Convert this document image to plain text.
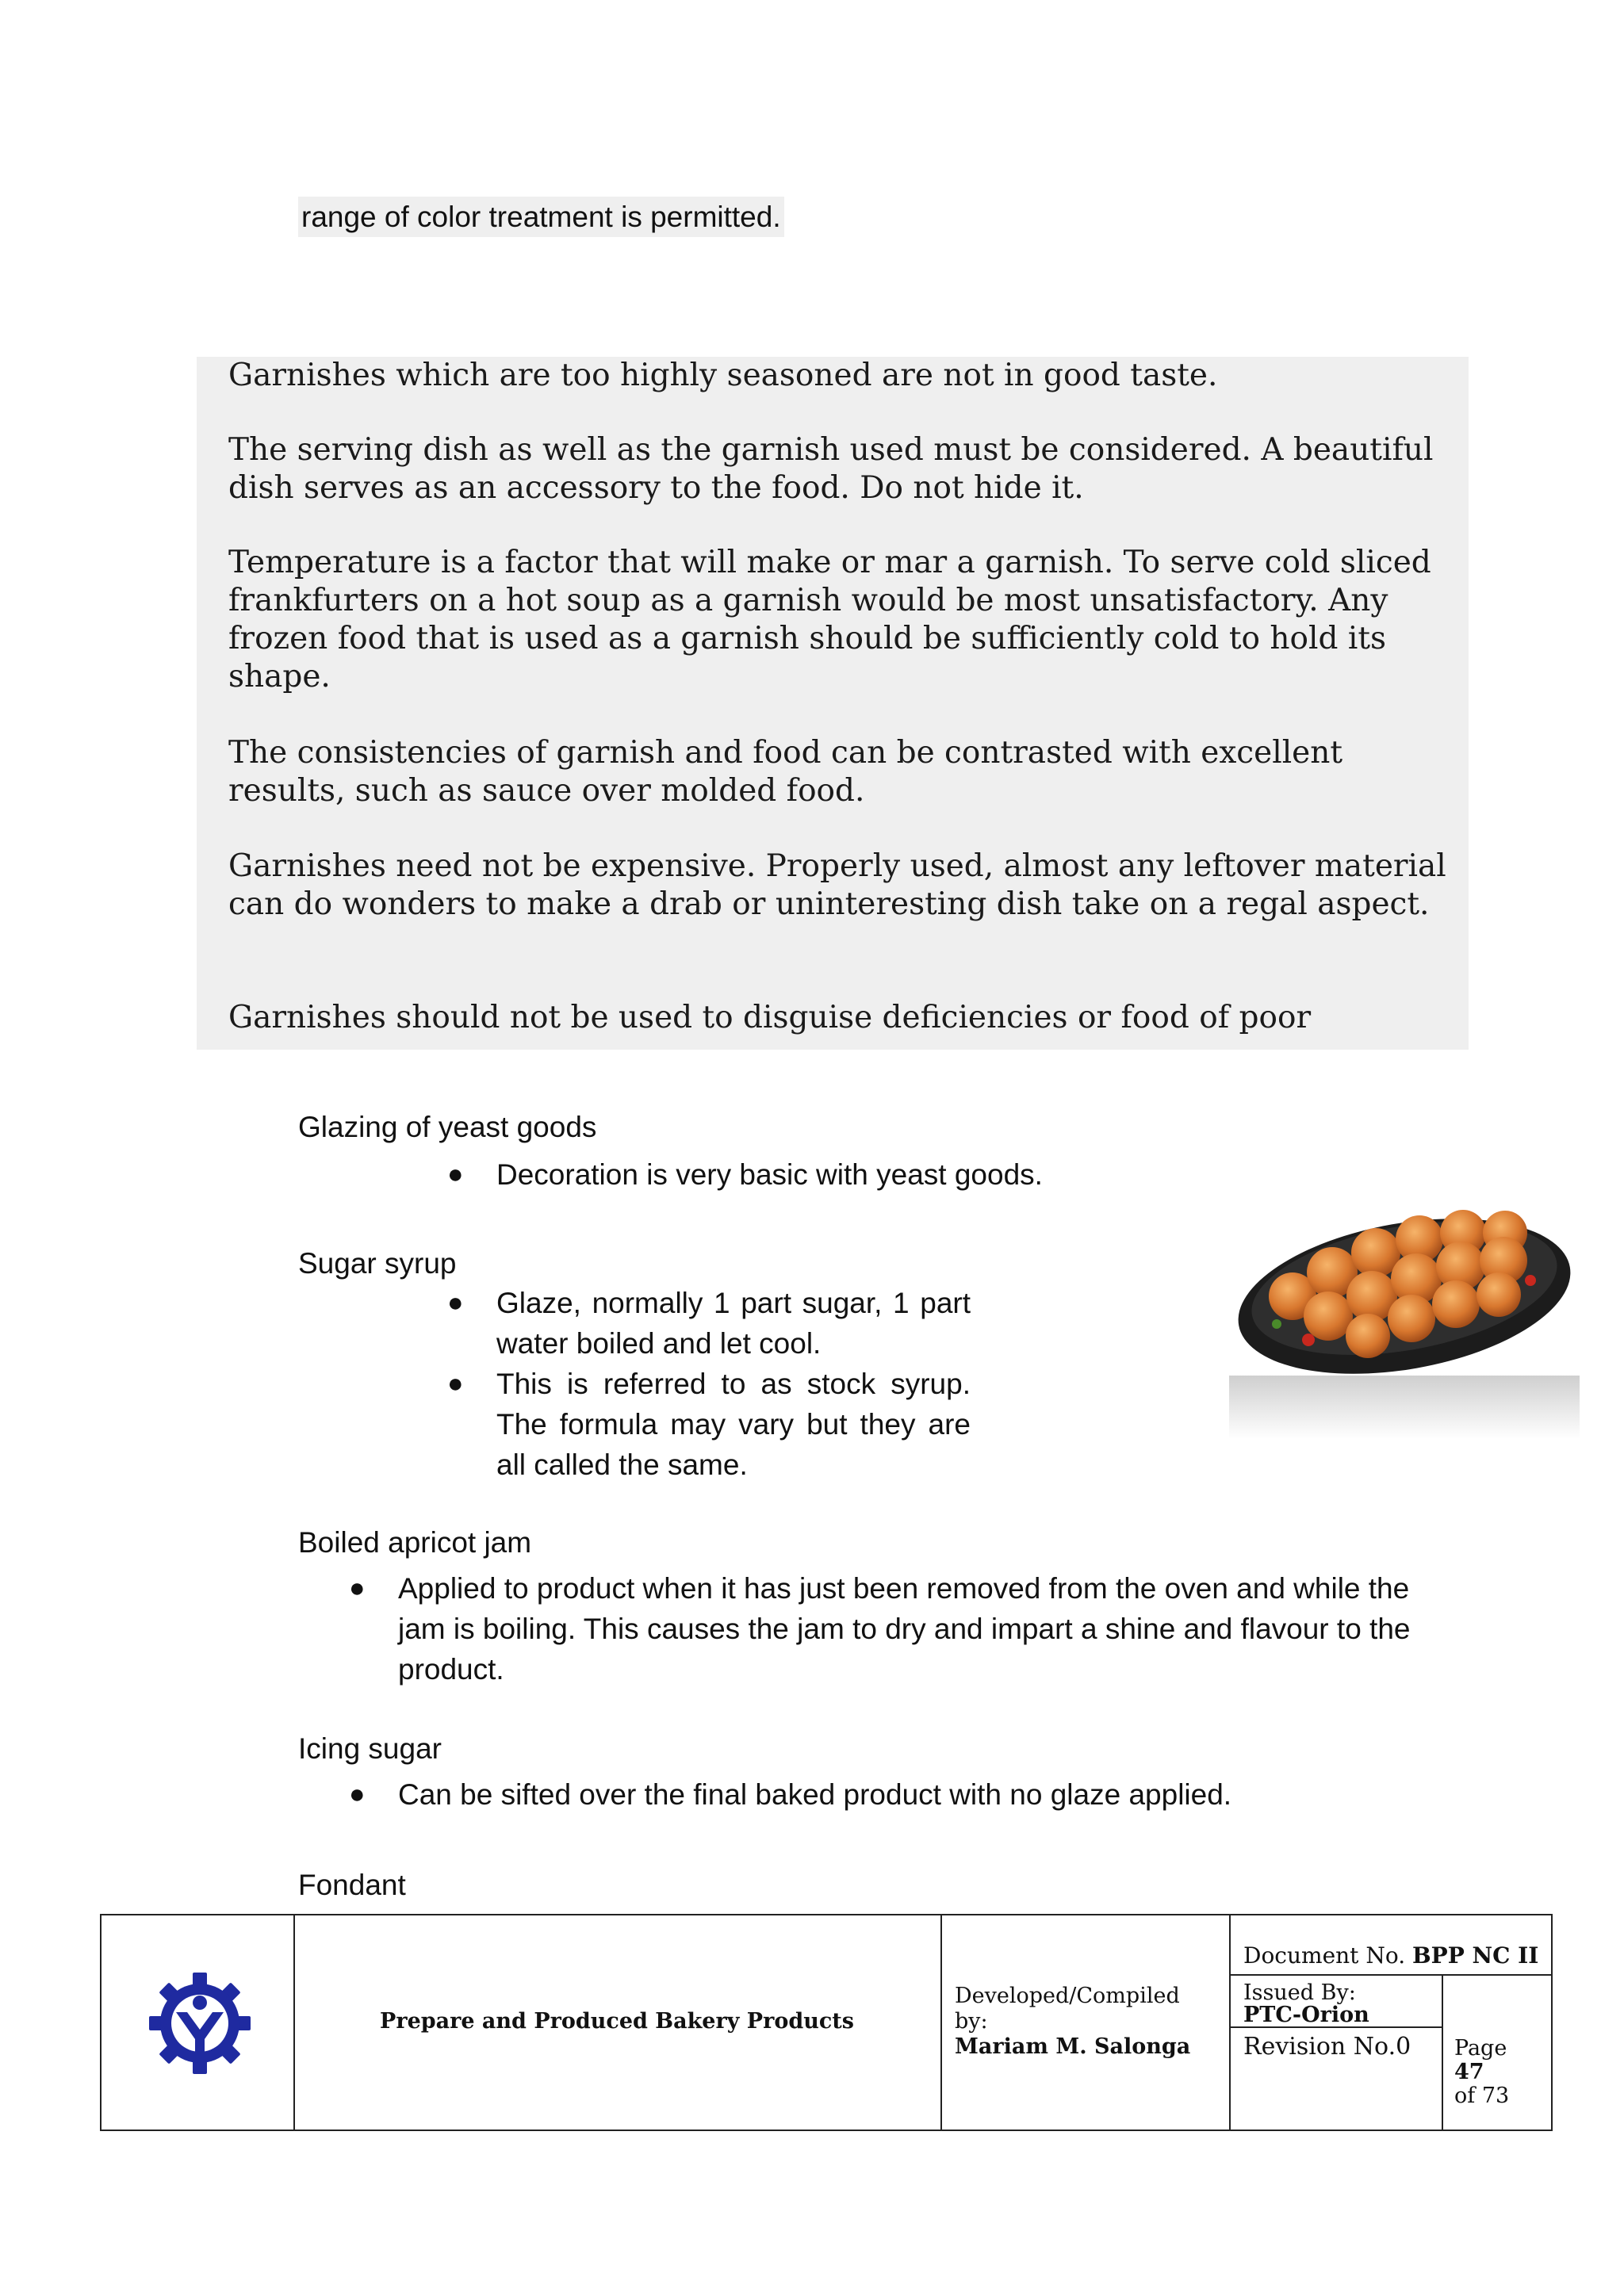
range of color treatment is permitted.

Garnishes which are too highly seasoned are not in good taste.

The serving dish as well as the garnish used must be considered. A beautiful dish serves as an accessory to the food. Do not hide it.

Temperature is a factor that will make or mar a garnish. To serve cold sliced frankfurters on a hot soup as a garnish would be most unsatisfactory. Any frozen food that is used as a garnish should be sufficiently cold to hold its shape.

The consistencies of garnish and food can be contrasted with excellent results, such as sauce over molded food.

Garnishes need not be expensive. Properly used, almost any leftover material can do wonders to make a drab or uninteresting dish take on a regal aspect.

Garnishes should not be used to disguise deficiencies or food of poor

Glazing of yeast goods
● Decoration is very basic with yeast goods.
Sugar syrup
● Glaze, normally 1 part sugar, 1 part water boiled and let cool.
● This is referred to as stock syrup. The formula may vary but they are all called the same.
Boiled apricot jam
● Applied to product when it has just been removed from the oven and while the jam is boiling. This causes the jam to dry and impart a shine and flavour to the product.
Icing sugar
● Can be sifted over the final baked product with no glaze applied.
Fondant
Prepare and Produced Bakery Products
Developed/Compiled by:
Mariam M. Salonga
Document No. BPP NC II
Issued By:
PTC-Orion
Revision No.0 Page
47
of 73
